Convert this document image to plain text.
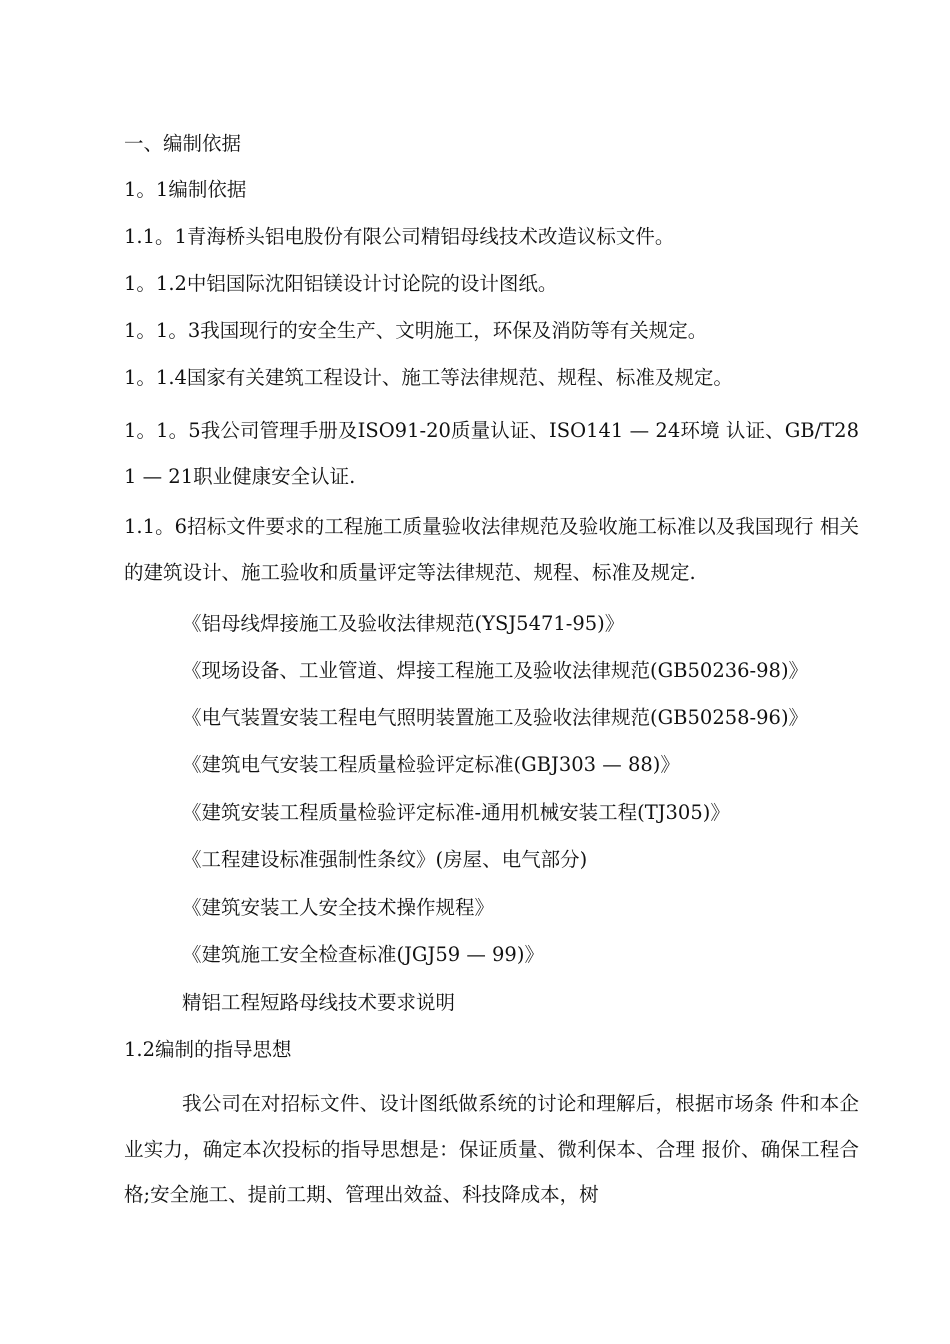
一、编制依据
1。1编制依据
1.1。1青海桥头铝电股份有限公司精铝母线技术改造议标文件。
1。1.2中铝国际沈阳铝镁设计讨论院的设计图纸。
1。1。3我国现行的安全生产、文明施工，环保及消防等有关规定。
1。1.4国家有关建筑工程设计、施工等法律规范、规程、标准及规定。
1。1。5我公司管理手册及ISO91-20质量认证、ISO141 — 24环境 认证、GB/T281 — 21职业健康安全认证.
1.1。6招标文件要求的工程施工质量验收法律规范及验收施工标准以及我国现行 相关的建筑设计、施工验收和质量评定等法律规范、规程、标准及规定.
《铝母线焊接施工及验收法律规范(YSJ5471-95)》
《现场设备、工业管道、焊接工程施工及验收法律规范(GB50236-98)》
《电气装置安装工程电气照明装置施工及验收法律规范(GB50258-96)》
《建筑电气安装工程质量检验评定标准(GBJ303 — 88)》
《建筑安装工程质量检验评定标准-通用机械安装工程(TJ305)》
《工程建设标准强制性条纹》(房屋、电气部分)
《建筑安装工人安全技术操作规程》
《建筑施工安全检查标准(JGJ59 — 99)》
精铝工程短路母线技术要求说明
1.2编制的指导思想
我公司在对招标文件、设计图纸做系统的讨论和理解后，根据市场条 件和本企业实力，确定本次投标的指导思想是：保证质量、微利保本、合理 报价、确保工程合格;安全施工、提前工期、管理出效益、科技降成本，树
